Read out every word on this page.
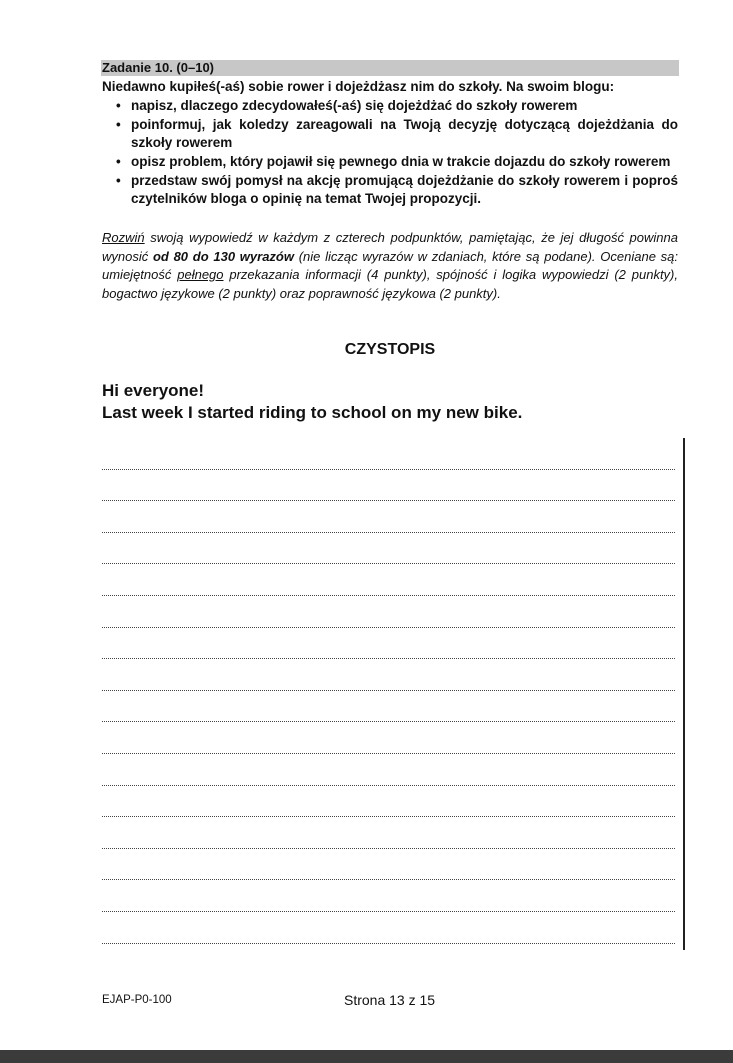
Zadanie 10. (0–10)

Niedawno kupiłeś(-aś) sobie rower i dojeżdżasz nim do szkoły. Na swoim blogu:

• napisz, dlaczego zdecydowałeś(-aś) się dojeżdżać do szkoły rowerem
• poinformuj, jak koledzy zareagowali na Twoją decyzję dotyczącą dojeżdżania do szkoły rowerem
• opisz problem, który pojawił się pewnego dnia w trakcie dojazdu do szkoły rowerem
• przedstaw swój pomysł na akcję promującą dojeżdżanie do szkoły rowerem i poproś czytelników bloga o opinię na temat Twojej propozycji.

Rozwiń swoją wypowiedź w każdym z czterech podpunktów, pamiętając, że jej długość powinna wynosić od 80 do 130 wyrazów (nie licząc wyrazów w zdaniach, które są podane). Oceniane są: umiejętność pełnego przekazania informacji (4 punkty), spójność i logika wypowiedzi (2 punkty), bogactwo językowe (2 punkty) oraz poprawność językowa (2 punkty).

CZYSTOPIS
Hi everyone!
Last week I started riding to school on my new bike.
EJAP-P0-100	Strona 13 z 15
